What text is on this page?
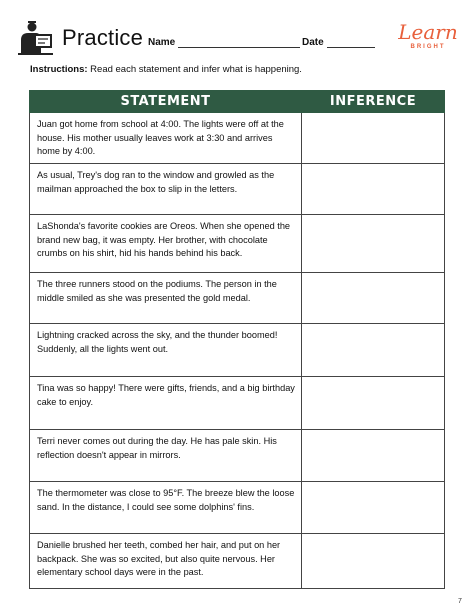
Practice Name	Date	Learn
BRIGHT
Instructions: Read each statement and infer what is happening.
STATEMENT	INFERENCE
Juan got home from school at 4:00. The lights were off at the house. His mother usually leaves work at 3:30 and arrives home by 4:00.	
As usual, Trey's dog ran to the window and growled as the mailman approached the box to slip in the letters.	
LaShonda's favorite cookies are Oreos. When she opened the brand new bag, it was empty. Her brother, with chocolate crumbs on his shirt, hid his hands behind his back.	
The three runners stood on the podiums. The person in the middle smiled as she was presented the gold medal.	
Lightning cracked across the sky, and the thunder boomed! Suddenly, all the lights went out.	
Tina was so happy! There were gifts, friends, and a big birthday cake to enjoy.	
Terri never comes out during the day. He has pale skin. His reflection doesn't appear in mirrors.	
The thermometer was close to 95°F. The breeze blew the loose sand. In the distance, I could see some dolphins' fins.	
Danielle brushed her teeth, combed her hair, and put on her backpack. She was so excited, but also quite nervous. Her elementary school days were in the past.	
7
